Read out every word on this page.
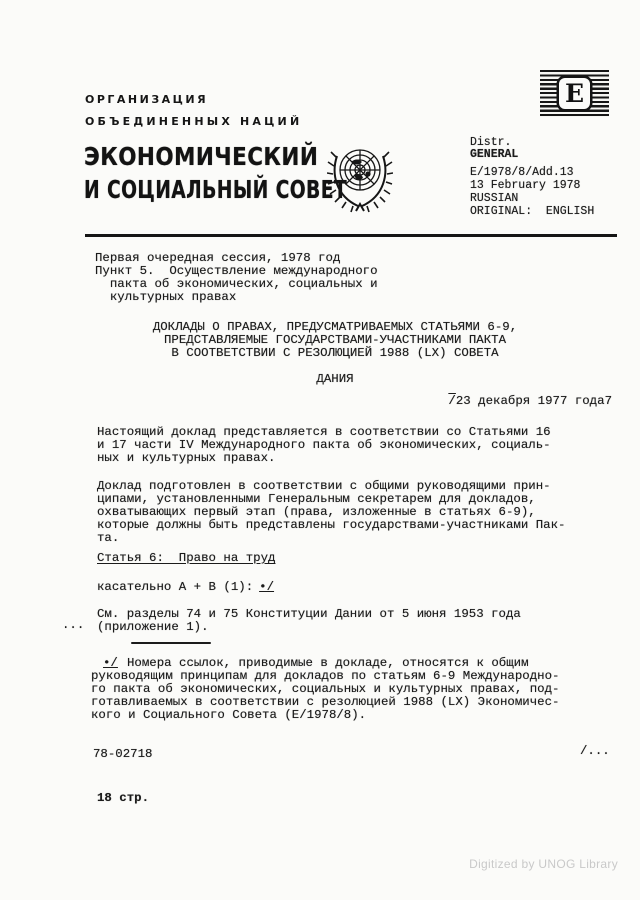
ОРГАНИЗАЦИЯ
ОБЪЕДИНЕННЫХ НАЦИЙ
ЭКОНОМИЧЕСКИЙ
И СОЦИАЛЬНЫЙ СОВЕТ
E
Distr.
GENERAL
E/1978/8/Add.13
13 February 1978
RUSSIAN
ORIGINAL:  ENGLISH
Первая очередная сессия, 1978 год
Пункт 5.  Осуществление международного
пакта об экономических, социальных и
культурных правах
ДОКЛАДЫ О ПРАВАХ, ПРЕДУСМАТРИВАЕМЫХ СТАТЬЯМИ 6-9,
ПРЕДСТАВЛЯЕМЫЕ ГОСУДАРСТВАМИ-УЧАСТНИКАМИ ПАКТА
В СООТВЕТСТВИИ С РЕЗОЛЮЦИЕЙ 1988 (LX) СОВЕТА
ДАНИЯ
/23 декабря 1977 года7
Настоящий доклад представляется в соответствии со Статьями 16
и 17 части IV Международного пакта об экономических, социаль-
ных и культурных правах.
Доклад подготовлен в соответствии с общими руководящими прин-
ципами, установленными Генеральным секретарем для докладов,
охватывающих первый этап (права, изложенные в статьях 6-9),
которые должны быть представлены государствами-участниками Пак-
та.
Статья 6:  Право на труд
касательно А + В (1): •/
См. разделы 74 и 75 Конституции Дании от 5 июня 1953 года
(приложение 1).
...
•/ Номера ссылок, приводимые в докладе, относятся к общим
руководящим принципам для докладов по статьям 6-9 Международно-
го пакта об экономических, социальных и культурных правах, под-
готавливаемых в соответствии с резолюцией 1988 (LX) Экономичес-
кого и Социального Совета (Е/1978/8).
78-02718	/...
18 стр.
Digitized by UNOG Library
